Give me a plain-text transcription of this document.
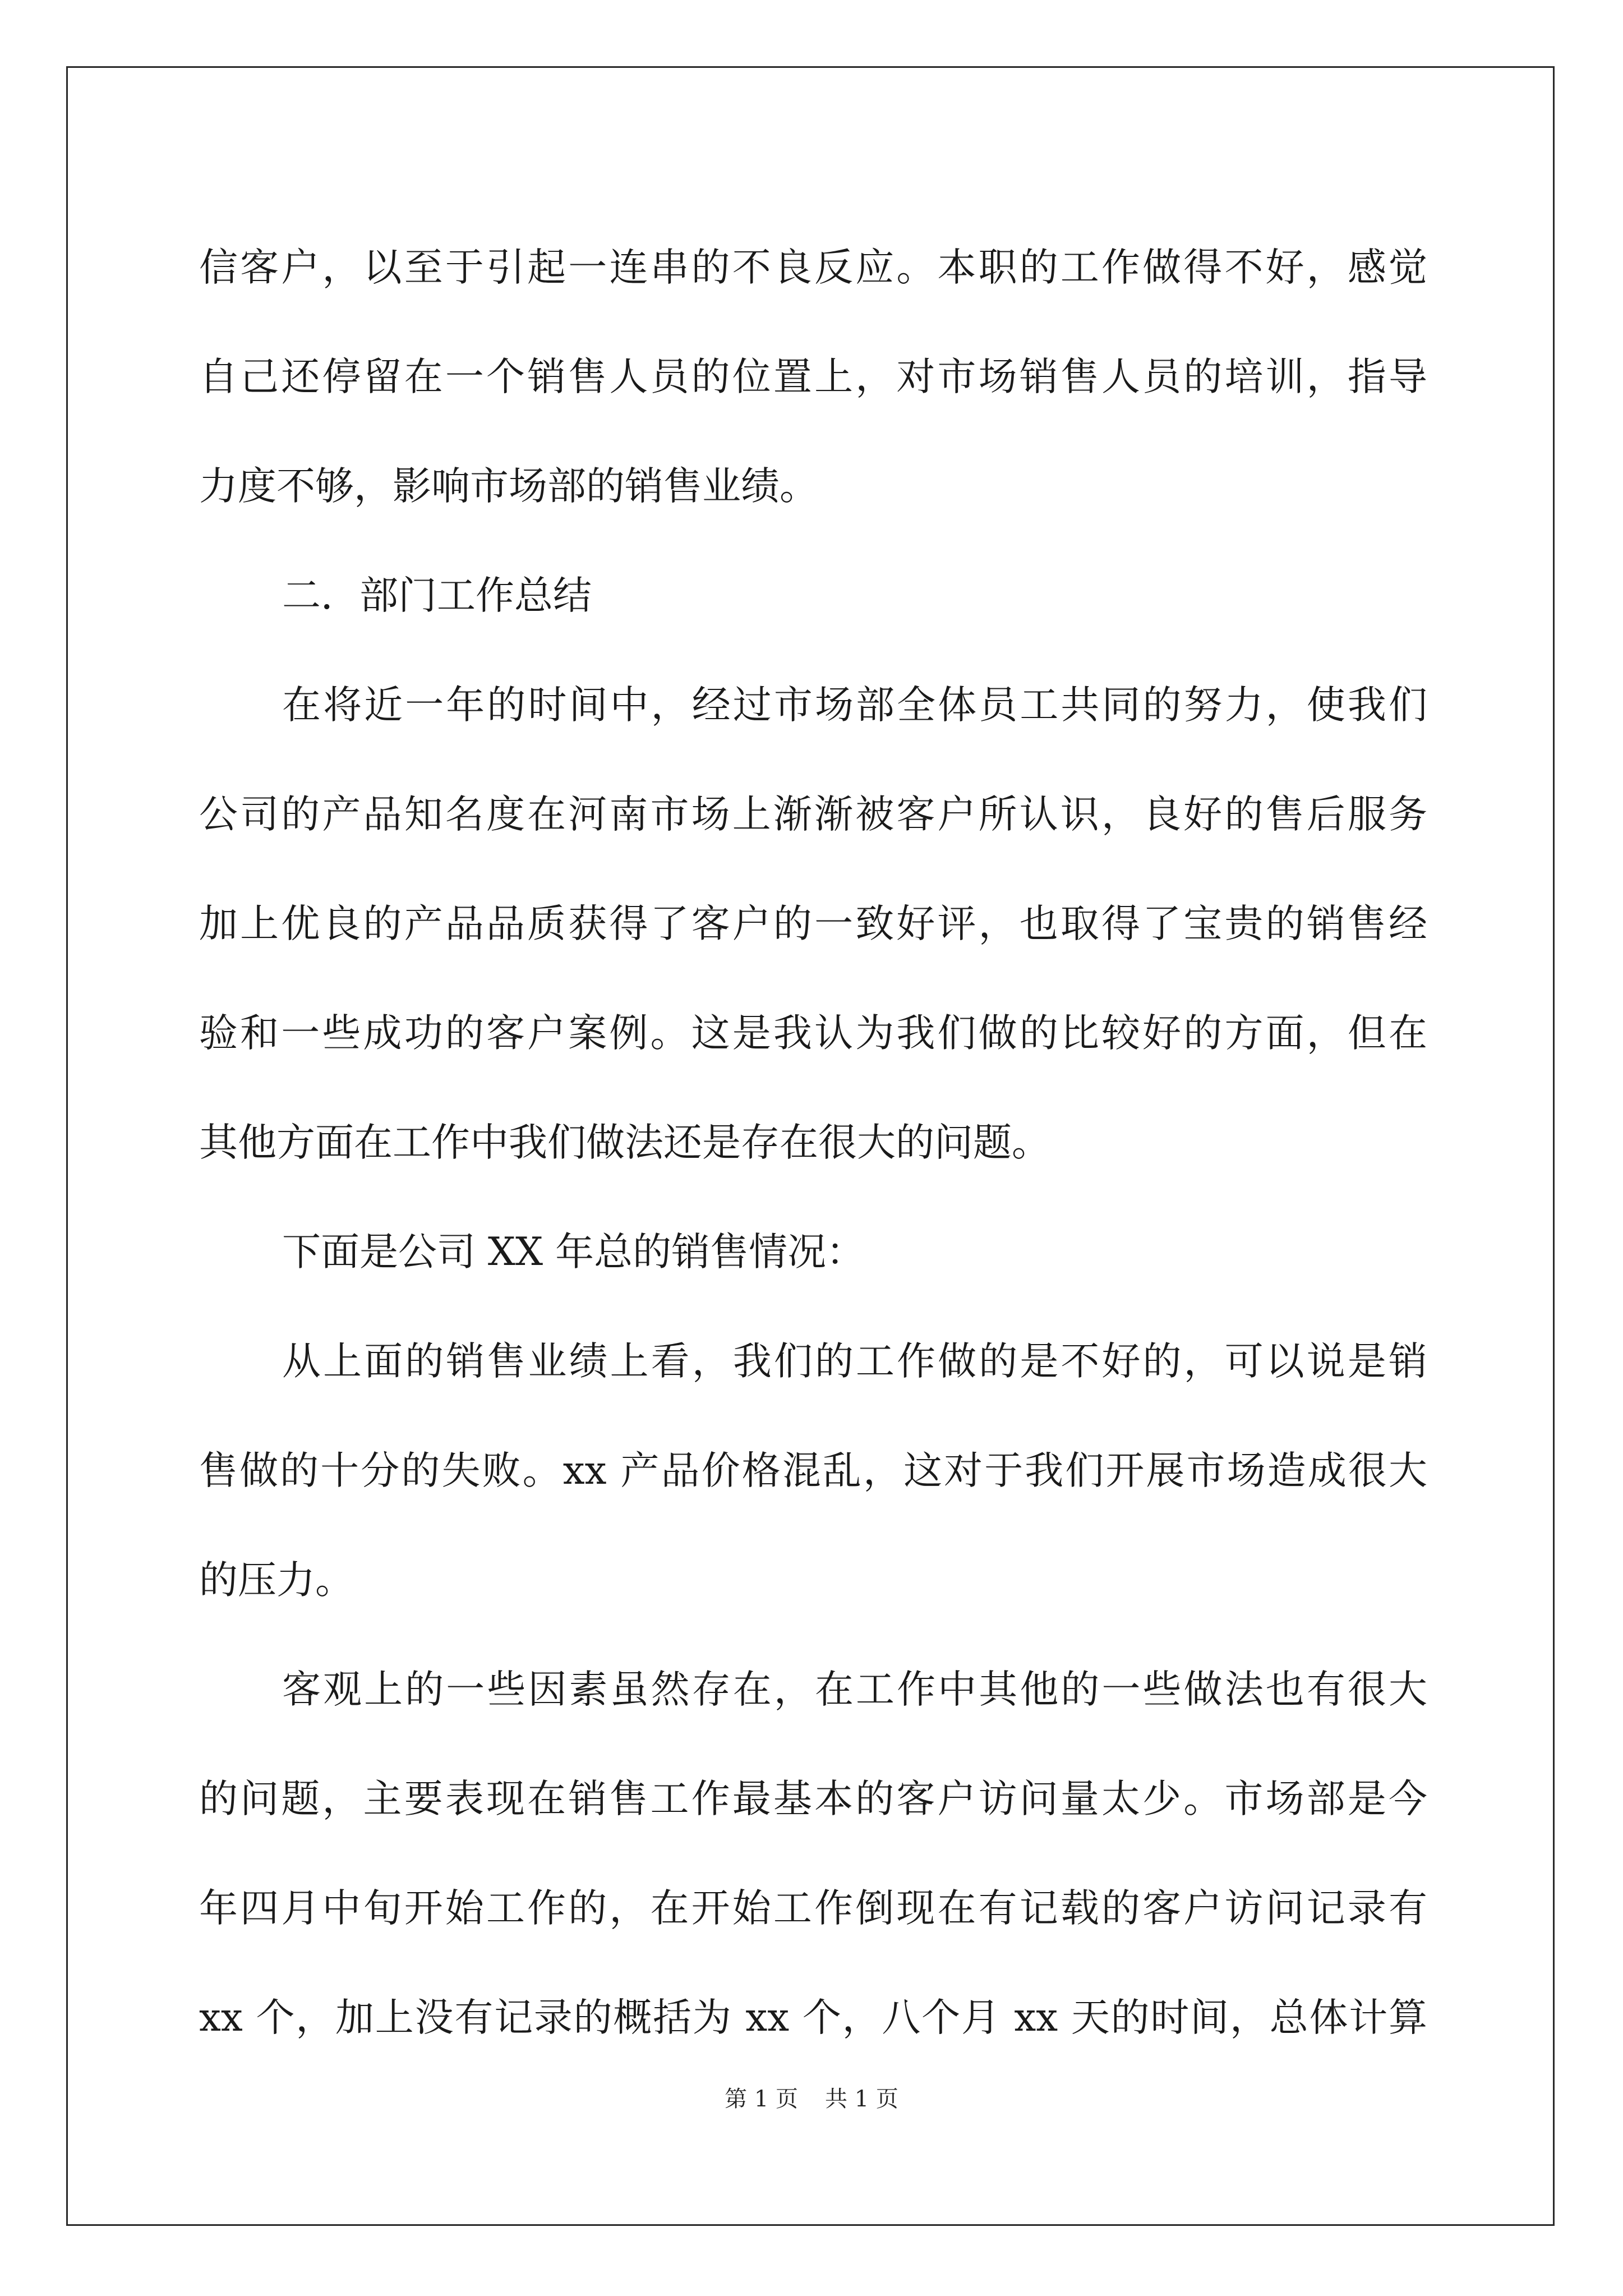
信客户，以至于引起一连串的不良反应。本职的工作做得不好，感觉
自己还停留在一个销售人员的位置上，对市场销售人员的培训，指导
力度不够，影响市场部的销售业绩。
二．部门工作总结
在将近一年的时间中，经过市场部全体员工共同的努力，使我们
公司的产品知名度在河南市场上渐渐被客户所认识，良好的售后服务
加上优良的产品品质获得了客户的一致好评，也取得了宝贵的销售经
验和一些成功的客户案例。这是我认为我们做的比较好的方面，但在
其他方面在工作中我们做法还是存在很大的问题。
下面是公司 XX 年总的销售情况：
从上面的销售业绩上看，我们的工作做的是不好的，可以说是销
售做的十分的失败。xx 产品价格混乱，这对于我们开展市场造成很大
的压力。
客观上的一些因素虽然存在，在工作中其他的一些做法也有很大
的问题，主要表现在销售工作最基本的客户访问量太少。市场部是今
年四月中旬开始工作的，在开始工作倒现在有记载的客户访问记录有
xx 个，加上没有记录的概括为 xx 个，八个月 xx 天的时间，总体计算
第 1 页 共 1 页
